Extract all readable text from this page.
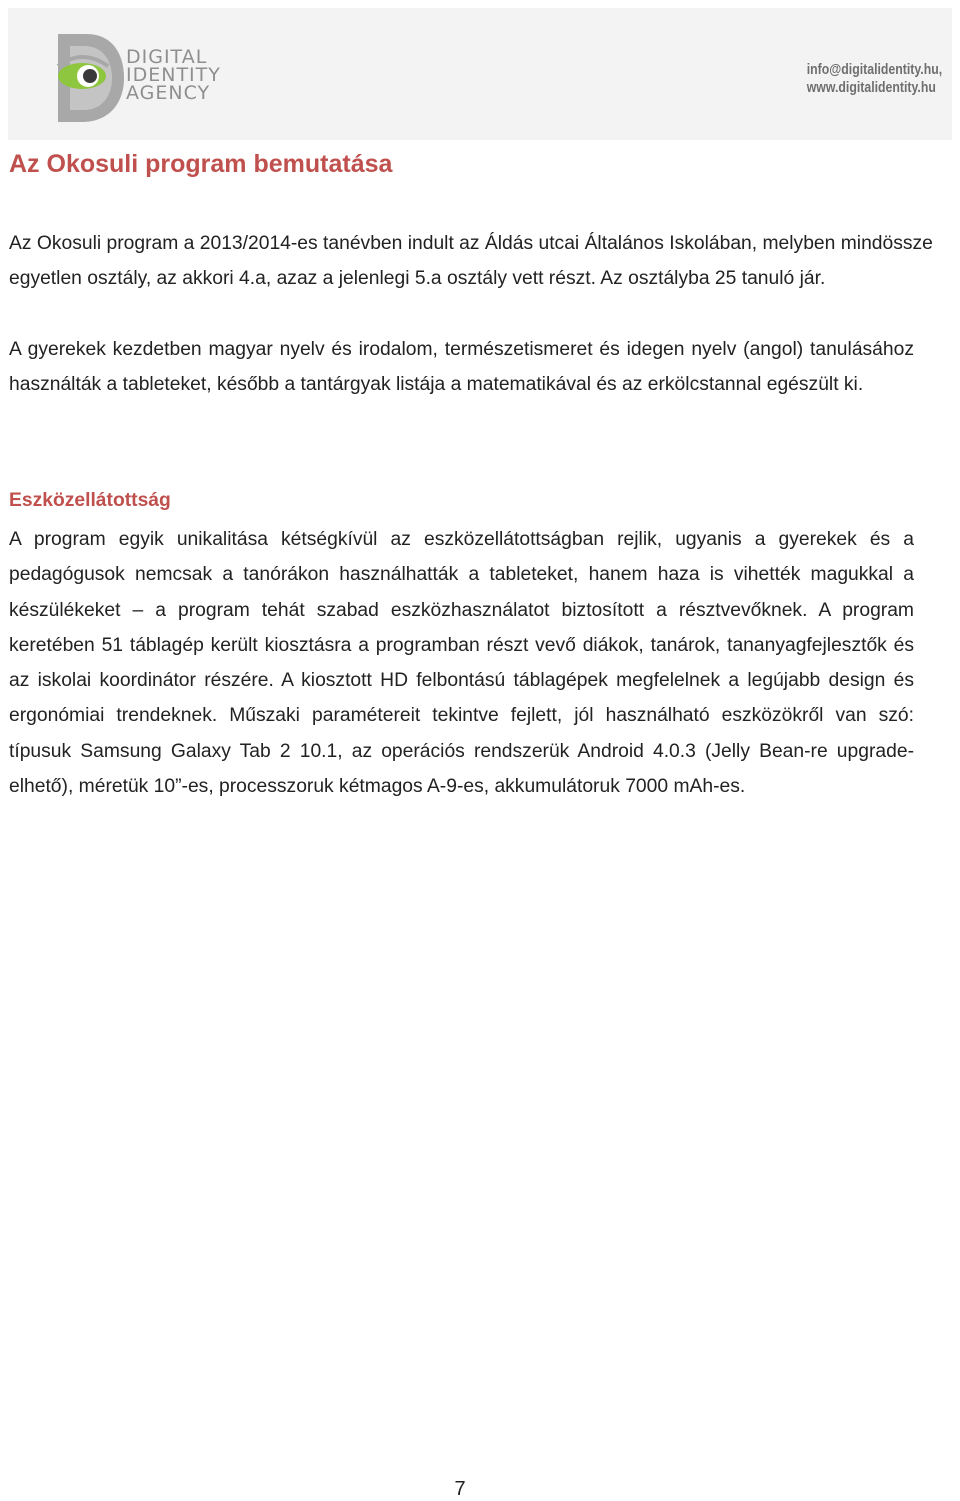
DIGITAL
IDENTITY
AGENCY
info@digitalidentity.hu,
www.digitalidentity.hu
Az Okosuli program bemutatása

Az Okosuli program a 2013/2014-es tanévben indult az Áldás utcai Általános Iskolában, melyben mindössze egyetlen osztály, az akkori 4.a, azaz a jelenlegi 5.a osztály vett részt. Az osztályba 25 tanuló jár.

A gyerekek kezdetben magyar nyelv és irodalom, természetismeret és idegen nyelv (angol) tanulásához használták a tableteket, később a tantárgyak listája a matematikával és az erkölcstannal egészült ki.

Eszközellátottság

A program egyik unikalitása kétségkívül az eszközellátottságban rejlik, ugyanis a gyerekek és a pedagógusok nemcsak a tanórákon használhatták a tableteket, hanem haza is vihették magukkal a készülékeket – a program tehát szabad eszközhasználatot biztosított a résztvevőknek. A program keretében 51 táblagép került kiosztásra a programban részt vevő diákok, tanárok, tananyagfejlesztők és az iskolai koordinátor részére. A kiosztott HD felbontású táblagépek megfelelnek a legújabb design és ergonómiai trendeknek. Műszaki paramétereit tekintve fejlett, jól használható eszközökről van szó: típusuk Samsung Galaxy Tab 2 10.1, az operációs rendszerük Android 4.0.3 (Jelly Bean-re upgrade-elhető), méretük 10”-es, processzoruk kétmagos A-9-es, akkumulátoruk 7000 mAh-es.

7
